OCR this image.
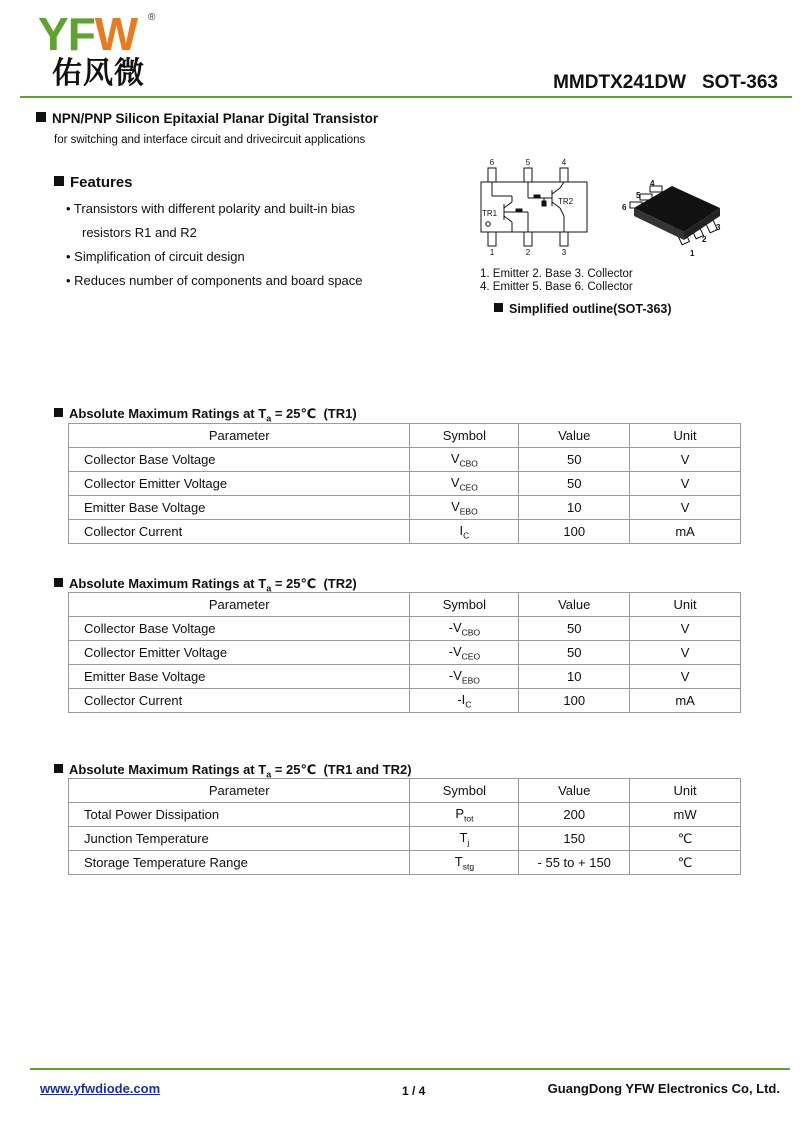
YFW ®
佑风微	MMDTX241DW   SOT-363
NPN/PNP Silicon Epitaxial Planar Digital Transistor
for switching and interface circuit and drivecircuit applications
Features
• Transistors with different polarity and built-in bias
resistors R1 and R2
• Simplification of circuit design
• Reduces number of components and board space
6	5	4
1	2	3
TR1
TR2
4
5
6
1
2
3
1. Emitter 2. Base 3. Collector
4. Emitter 5. Base 6. Collector
Simplified outline(SOT-363)
Absolute Maximum Ratings at $T_a$ = 25℃  (TR1)
Parameter	Symbol	Value	Unit
Collector Base Voltage	$V_{CBO}$	50	V
Collector Emitter Voltage	$V_{CEO}$	50	V
Emitter Base Voltage	$V_{EBO}$	10	V
Collector Current	$I_C$	100	mA
Absolute Maximum Ratings at $T_a$ = 25℃  (TR2)
Parameter	Symbol	Value	Unit
Collector Base Voltage	$-V_{CBO}$	50	V
Collector Emitter Voltage	$-V_{CEO}$	50	V
Emitter Base Voltage	$-V_{EBO}$	10	V
Collector Current	$-I_C$	100	mA
Absolute Maximum Ratings at $T_a$ = 25℃  (TR1 and TR2)
Parameter	Symbol	Value	Unit
Total Power Dissipation	$P_{tot}$	200	mW
Junction Temperature	$T_j$	150	℃
Storage Temperature Range	$T_{stg}$	- 55 to + 150	℃
www.yfwdiode.com	1 / 4	GuangDong YFW Electronics Co, Ltd.
